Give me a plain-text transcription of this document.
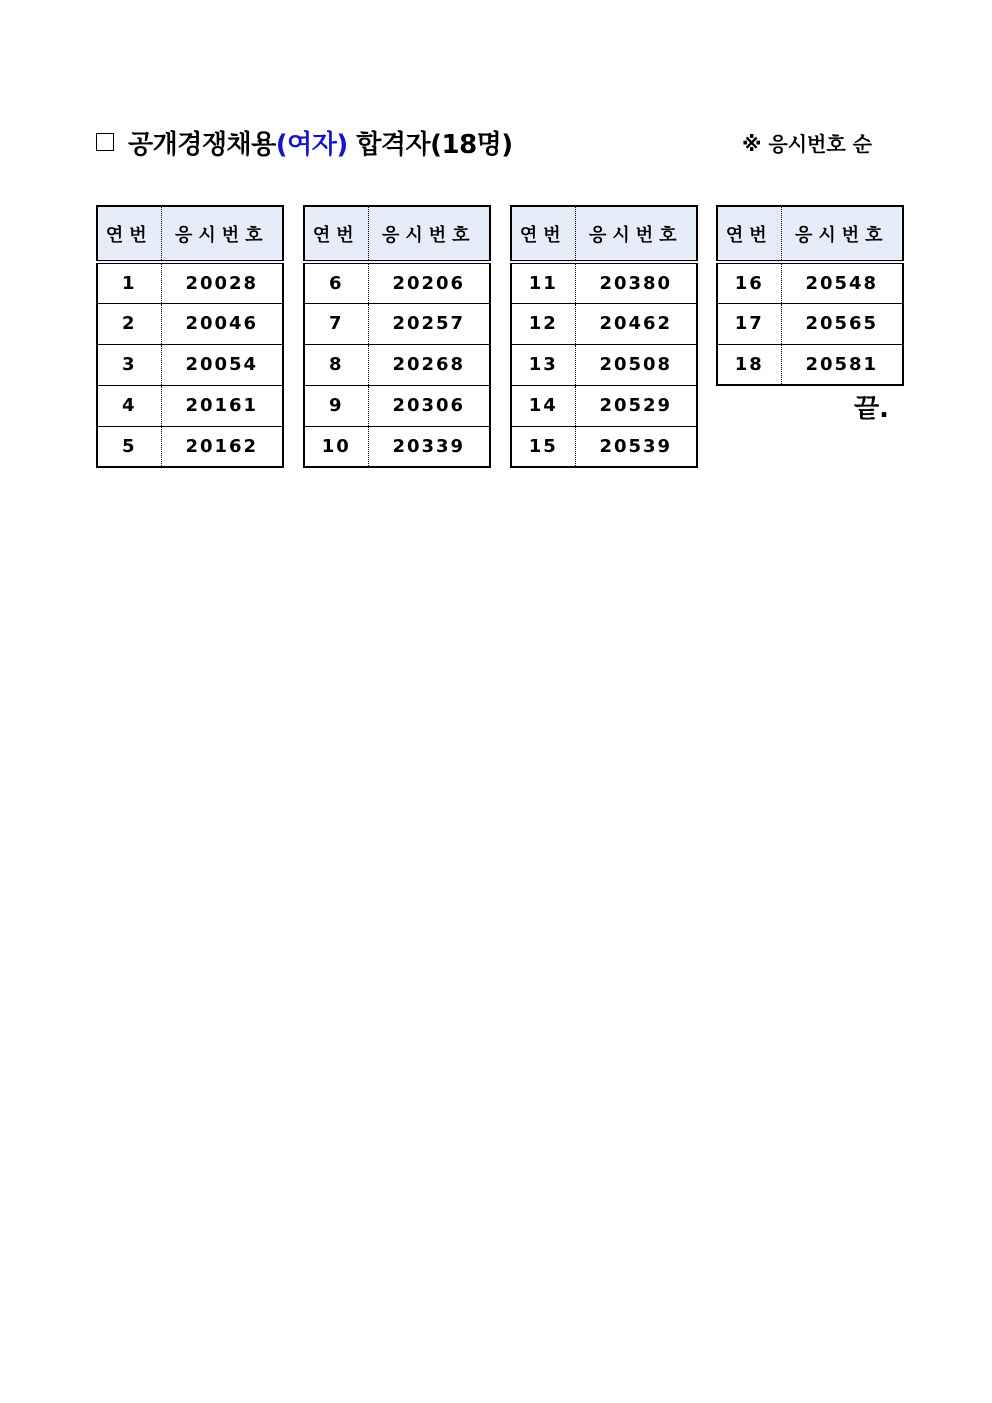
공개경쟁채용 (여자) 합격자(18명)	※ 응시번호 순
연번	응시번호
1	20028
2	20046
3	20054
4	20161
5	20162
연번	응시번호
6	20206
7	20257
8	20268
9	20306
10	20339
연번	응시번호
11	20380
12	20462
13	20508
14	20529
15	20539
연번	응시번호
16	20548
17	20565
18	20581
끝.
